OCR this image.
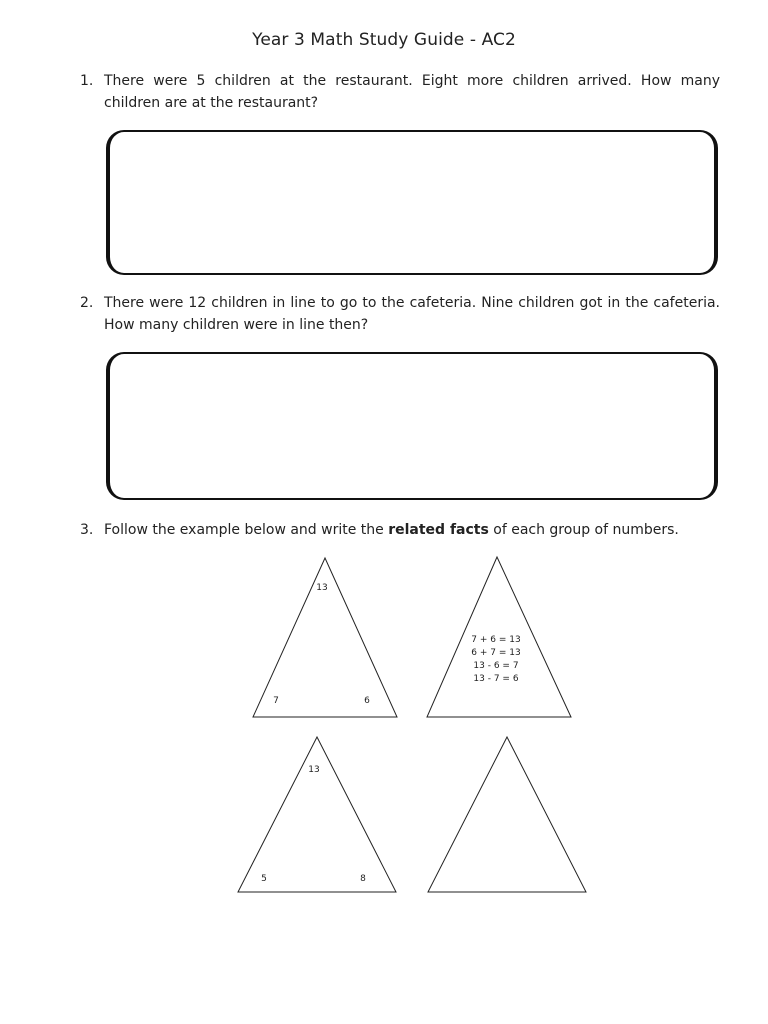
Year 3 Math Study Guide - AC2
1. There were 5 children at the restaurant. Eight more children arrived. How many children are at the restaurant?
2. There were 12 children in line to go to the cafeteria. Nine children got in the cafeteria. How many children were in line then?
3. Follow the example below and write the related facts of each group of numbers.
13
7	6
7 + 6 = 13
6 + 7 = 13
13 - 6 = 7
13 - 7 = 6
13
5	8
